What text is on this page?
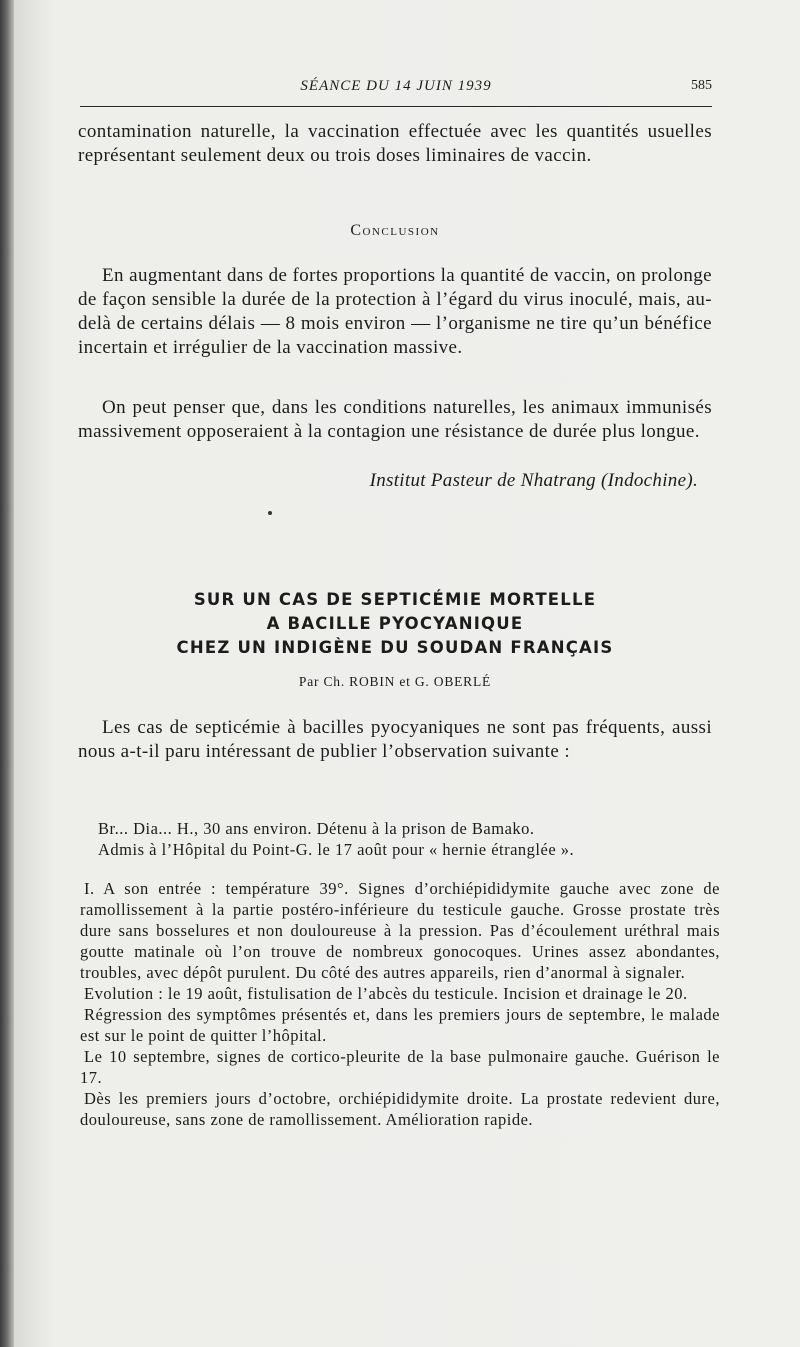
SÉANCE DU 14 JUIN 1939	585

contamination naturelle, la vaccination effectuée avec les quantités usuelles représentant seulement deux ou trois doses liminaires de vaccin.

Conclusion

En augmentant dans de fortes proportions la quantité de vaccin, on prolonge de façon sensible la durée de la protection à l’égard du virus inoculé, mais, au-delà de certains délais — 8 mois environ — l’organisme ne tire qu’un bénéfice incertain et irrégulier de la vaccination massive.

On peut penser que, dans les conditions naturelles, les animaux immunisés massivement opposeraient à la contagion une résistance de durée plus longue.

Institut Pasteur de Nhatrang (Indochine).
SUR UN CAS DE SEPTICÉMIE MORTELLE
A BACILLE PYOCYANIQUE
CHEZ UN INDIGÈNE DU SOUDAN FRANÇAIS
Par Ch. ROBIN et G. OBERLÉ

Les cas de septicémie à bacilles pyocyaniques ne sont pas fréquents, aussi nous a-t-il paru intéressant de publier l’observation suivante :

Br... Dia... H., 30 ans environ. Détenu à la prison de Bamako.

Admis à l’Hôpital du Point-G. le 17 août pour « hernie étranglée ».

I. A son entrée : température 39°. Signes d’orchiépididymite gauche avec zone de ramollissement à la partie postéro-inférieure du testicule gauche. Grosse prostate très dure sans bosselures et non douloureuse à la pression. Pas d’écoulement uréthral mais goutte matinale où l’on trouve de nombreux gonocoques. Urines assez abondantes, troubles, avec dépôt purulent. Du côté des autres appareils, rien d’anormal à signaler.

Evolution : le 19 août, fistulisation de l’abcès du testicule. Incision et drainage le 20.

Régression des symptômes présentés et, dans les premiers jours de septembre, le malade est sur le point de quitter l’hôpital.

Le 10 septembre, signes de cortico-pleurite de la base pulmonaire gauche. Guérison le 17.

Dès les premiers jours d’octobre, orchiépididymite droite. La prostate redevient dure, douloureuse, sans zone de ramollissement. Amélioration rapide.
